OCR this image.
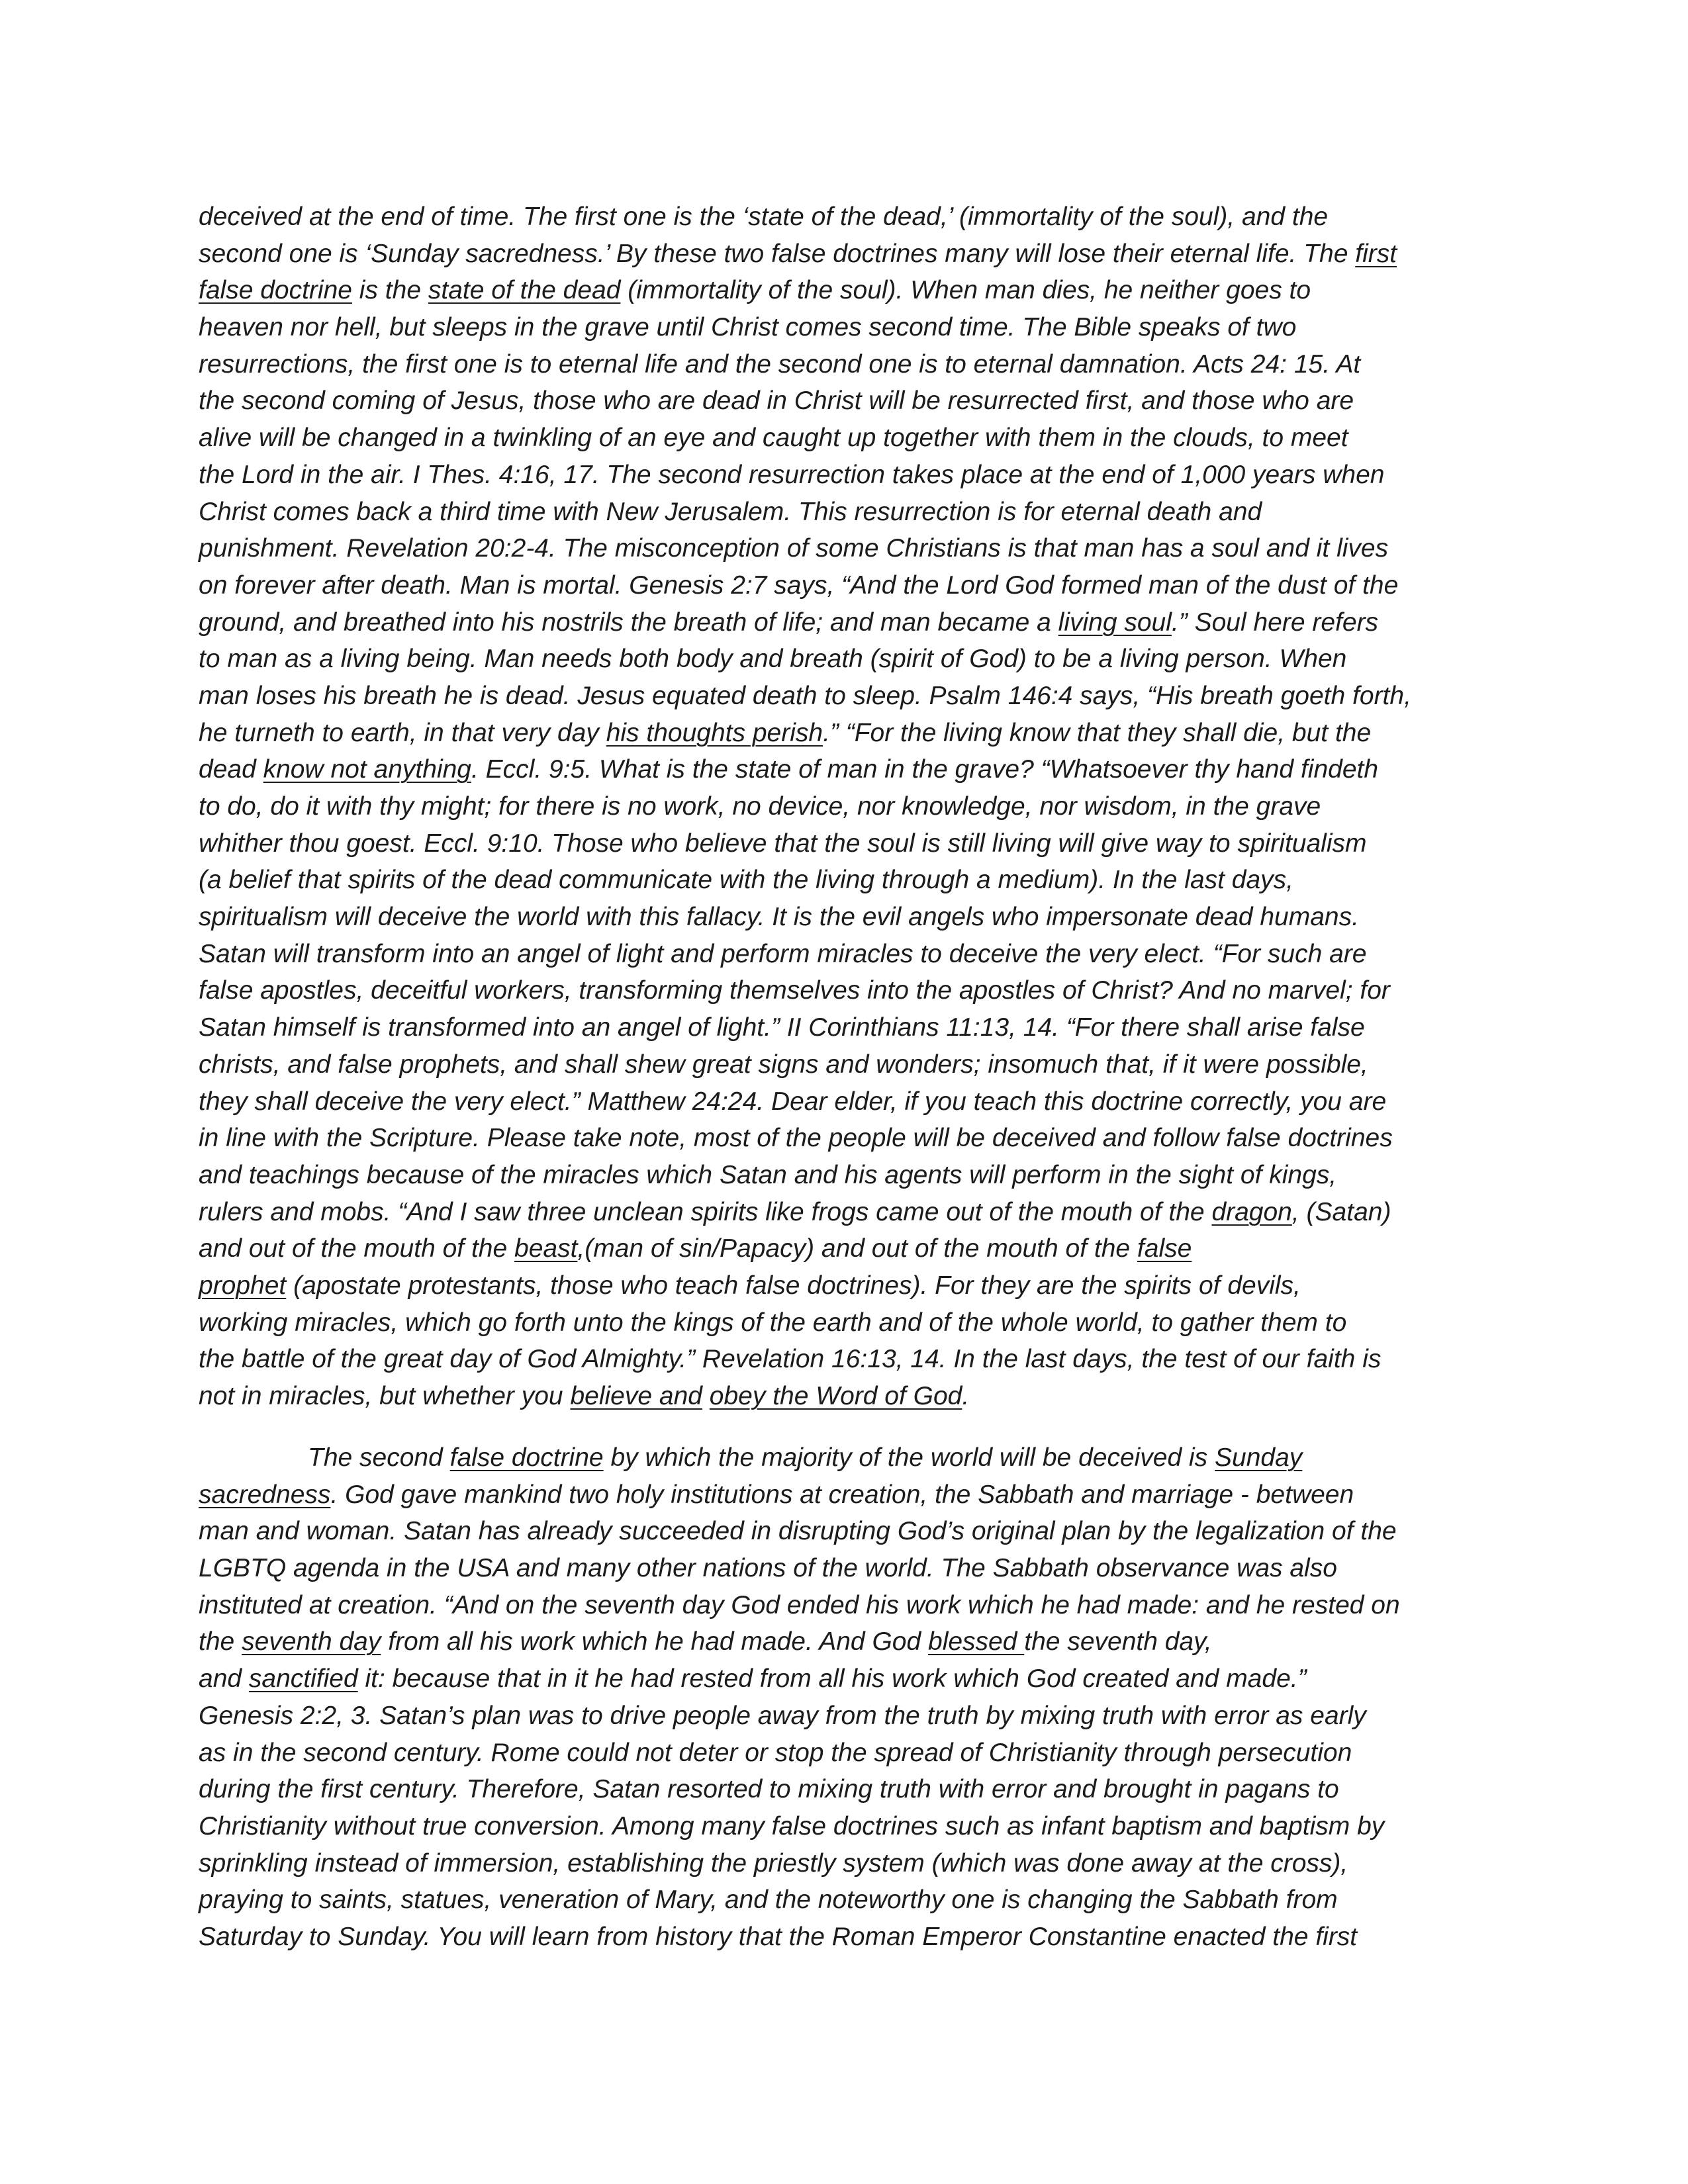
deceived at the end of time. The first one is the ‘state of the dead,’ (immortality of the soul), and the
second one is ‘Sunday sacredness.’ By these two false doctrines many will lose their eternal life. The first
false doctrine is the state of the dead (immortality of the soul). When man dies, he neither goes to
heaven nor hell, but sleeps in the grave until Christ comes second time. The Bible speaks of two
resurrections, the first one is to eternal life and the second one is to eternal damnation. Acts 24: 15. At
the second coming of Jesus, those who are dead in Christ will be resurrected first, and those who are
alive will be changed in a twinkling of an eye and caught up together with them in the clouds, to meet
the Lord in the air. I Thes. 4:16, 17. The second resurrection takes place at the end of 1,000 years when
Christ comes back a third time with New Jerusalem. This resurrection is for eternal death and
punishment. Revelation 20:2-4. The misconception of some Christians is that man has a soul and it lives
on forever after death. Man is mortal. Genesis 2:7 says, “And the Lord God formed man of the dust of the
ground, and breathed into his nostrils the breath of life; and man became a living soul.” Soul here refers
to man as a living being. Man needs both body and breath (spirit of God) to be a living person. When
man loses his breath he is dead. Jesus equated death to sleep. Psalm 146:4 says, “His breath goeth forth,
he turneth to earth, in that very day his thoughts perish.” “For the living know that they shall die, but the
dead know not anything. Eccl. 9:5. What is the state of man in the grave? “Whatsoever thy hand findeth
to do, do it with thy might; for there is no work, no device, nor knowledge, nor wisdom, in the grave
whither thou goest. Eccl. 9:10. Those who believe that the soul is still living will give way to spiritualism
(a belief that spirits of the dead communicate with the living through a medium). In the last days,
spiritualism will deceive the world with this fallacy. It is the evil angels who impersonate dead humans.
Satan will transform into an angel of light and perform miracles to deceive the very elect. “For such are
false apostles, deceitful workers, transforming themselves into the apostles of Christ? And no marvel; for
Satan himself is transformed into an angel of light.” II Corinthians 11:13, 14. “For there shall arise false
christs, and false prophets, and shall shew great signs and wonders; insomuch that, if it were possible,
they shall deceive the very elect.” Matthew 24:24. Dear elder, if you teach this doctrine correctly, you are
in line with the Scripture. Please take note, most of the people will be deceived and follow false doctrines
and teachings because of the miracles which Satan and his agents will perform in the sight of kings,
rulers and mobs. “And I saw three unclean spirits like frogs came out of the mouth of the dragon, (Satan)
and out of the mouth of the beast,(man of sin/Papacy) and out of the mouth of the false
prophet (apostate protestants, those who teach false doctrines). For they are the spirits of devils,
working miracles, which go forth unto the kings of the earth and of the whole world, to gather them to
the battle of the great day of God Almighty.” Revelation 16:13, 14. In the last days, the test of our faith is
not in miracles, but whether you believe and obey the Word of God.
The second false doctrine by which the majority of the world will be deceived is Sunday
sacredness. God gave mankind two holy institutions at creation, the Sabbath and marriage - between
man and woman. Satan has already succeeded in disrupting God’s original plan by the legalization of the
LGBTQ agenda in the USA and many other nations of the world. The Sabbath observance was also
instituted at creation. “And on the seventh day God ended his work which he had made: and he rested on
the seventh day from all his work which he had made. And God blessed the seventh day,
and sanctified it: because that in it he had rested from all his work which God created and made.”
Genesis 2:2, 3. Satan’s plan was to drive people away from the truth by mixing truth with error as early
as in the second century. Rome could not deter or stop the spread of Christianity through persecution
during the first century. Therefore, Satan resorted to mixing truth with error and brought in pagans to
Christianity without true conversion. Among many false doctrines such as infant baptism and baptism by
sprinkling instead of immersion, establishing the priestly system (which was done away at the cross),
praying to saints, statues, veneration of Mary, and the noteworthy one is changing the Sabbath from
Saturday to Sunday. You will learn from history that the Roman Emperor Constantine enacted the first
